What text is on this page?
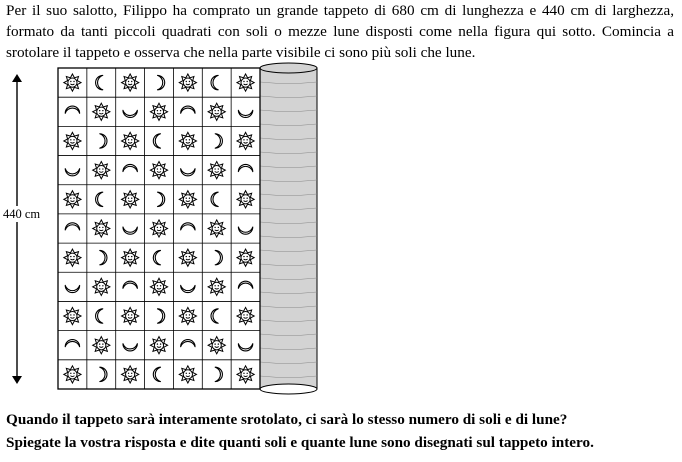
Per il suo salotto, Filippo ha comprato un grande tappeto di 680 cm di lunghezza e 440 cm di larghezza, formato da tanti piccoli quadrati con soli o mezze lune disposti come nella figura qui sotto. Comincia a srotolare il tappeto e osserva che nella parte visibile ci sono più soli che lune.
440 cm
Quando il tappeto sarà interamente srotolato, ci sarà lo stesso numero di soli e di lune?
Spiegate la vostra risposta e dite quanti soli e quante lune sono disegnati sul tappeto intero.
